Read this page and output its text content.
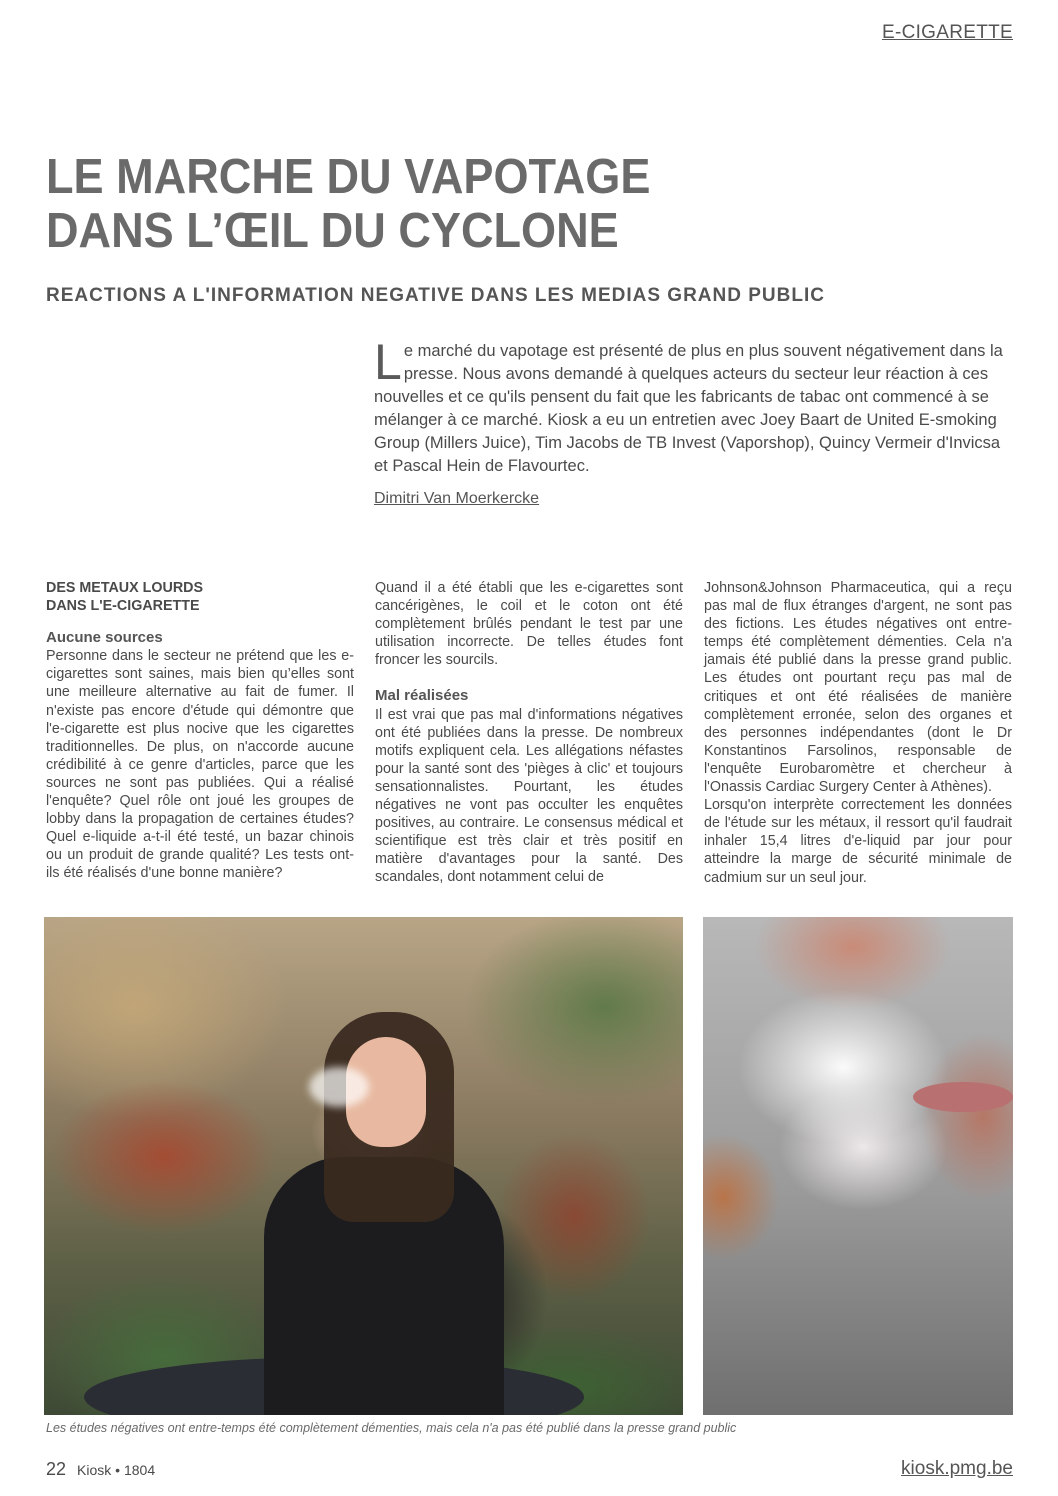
E-CIGARETTE
LE MARCHE DU VAPOTAGE
DANS L’ŒIL DU CYCLONE
REACTIONS A L'INFORMATION NEGATIVE DANS LES MEDIAS GRAND PUBLIC
L e marché du vapotage est présenté de plus en plus souvent négativement dans la presse. Nous avons demandé à quelques acteurs du secteur leur réaction à ces nouvelles et ce qu'ils pensent du fait que les fabricants de tabac ont commencé à se mélanger à ce marché. Kiosk a eu un entretien avec Joey Baart de United E-smoking Group (Millers Juice), Tim Jacobs de TB Invest (Vaporshop), Quincy Vermeir d'Invicsa et Pascal Hein de Flavourtec.

Dimitri Van Moerkercke
DES METAUX LOURDS
DANS L'E-CIGARETTE
Aucune sources

Personne dans le secteur ne prétend que les e-cigarettes sont saines, mais bien qu’elles sont une meilleure alternative au fait de fumer. Il n'existe pas encore d'étude qui démontre que l'e-cigarette est plus nocive que les cigarettes traditionnelles. De plus, on n'accorde aucune crédibilité à ce genre d'articles, parce que les sources ne sont pas publiées. Qui a réalisé l'enquête? Quel rôle ont joué les groupes de lobby dans la propagation de certaines études? Quel e-liquide a-t-il été testé, un bazar chinois ou un produit de grande qualité? Les tests ont-ils été réalisés d'une bonne manière?

Quand il a été établi que les e-cigarettes sont cancérigènes, le coil et le coton ont été complètement brûlés pendant le test par une utilisation incorrecte. De telles études font froncer les sourcils.

Mal réalisées

Il est vrai que pas mal d'informations négatives ont été publiées dans la presse. De nombreux motifs expliquent cela. Les allégations néfastes pour la santé sont des 'pièges à clic' et toujours sensationnalistes. Pourtant, les études négatives ne vont pas occulter les enquêtes positives, au contraire. Le consensus médical et scientifique est très clair et très positif en matière d'avantages pour la santé. Des scandales, dont notamment celui de

Johnson&Johnson Pharmaceutica, qui a reçu pas mal de flux étranges d'argent, ne sont pas des fictions. Les études négatives ont entre-temps été complètement démenties. Cela n'a jamais été publié dans la presse grand public. Les études ont pourtant reçu pas mal de critiques et ont été réalisées de manière complètement erronée, selon des organes et des personnes indépendantes (dont le Dr Konstantinos Farsolinos, responsable de l'enquête Eurobaromètre et chercheur à l'Onassis Cardiac Surgery Center à Athènes).

Lorsqu'on interprète correctement les données de l'étude sur les métaux, il ressort qu'il faudrait inhaler 15,4 litres d'e-liquid par jour pour atteindre la marge de sécurité minimale de cadmium sur un seul jour.

Les études négatives ont entre-temps été complètement démenties, mais cela n'a pas été publié dans la presse grand public
22 Kiosk • 1804	kiosk.pmg.be
